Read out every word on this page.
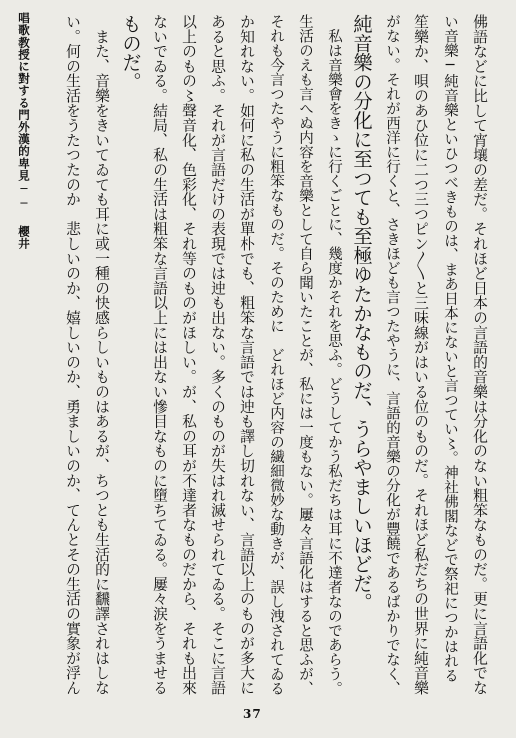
唱歌教授に對する門外漢的卑見── 櫻井	佛語などに比して宵壤の差だ。それほど日本の言語的音樂は分化のない粗笨なものだ。更に言語化でな
い音樂─純音樂といひつべきものは、まあ日本にないと言つてい〻。神社佛閣などで祭祀につかはれる
笙樂か、唄のあひ位に二つ三つピン〳〵と三味線がはいる位のものだ。それほど私だちの世界に純音樂
がない。それが西洋に行くと、さきほども言つたやうに、言語的音樂の分化が豐饒であるばかりでなく、
純音樂の分化に至つても至極ゆたかなものだ、うらやましいほどだ。
　私は音樂會をきゝに行くごとに、幾度かそれを思ふ。どうしてかう私だちは耳に不達者なのであらう。
生活のえも言へぬ内容を音樂として自ら聞いたことが、私には一度もない。屢々言語化はすると思ふが、
それも今言つたやうに粗笨なものだ。そのために　どれほど内容の繊細微妙な動きが、誤し洩されてゐる
か知れない。如何に私の生活が單朴でも、粗笨な言語では迚も譯し切れない、言語以上のものが多大に
あると思ふ。それが言語だけの表現では迚も出ない。多くのものが失はれ滅せられてゐる。そこに言語
以上のもの〻聲音化、色彩化、それ等のものがほしい。が、私の耳が不達者なものだから、それも出來
ないでゐる。結局、私の生活は粗笨な言語以上には出ない慘目なものに墮ちてゐる。屢々涙をうませる
ものだ。
　また、音樂をきいてゐても耳に或一種の快感らしいものはあるが、ちつとも生活的に飜譯されはしな
い。何の生活をうたつたのか　悲しいのか、嬉しいのか、勇ましいのか、てんとその生活の實象が浮ん
37
